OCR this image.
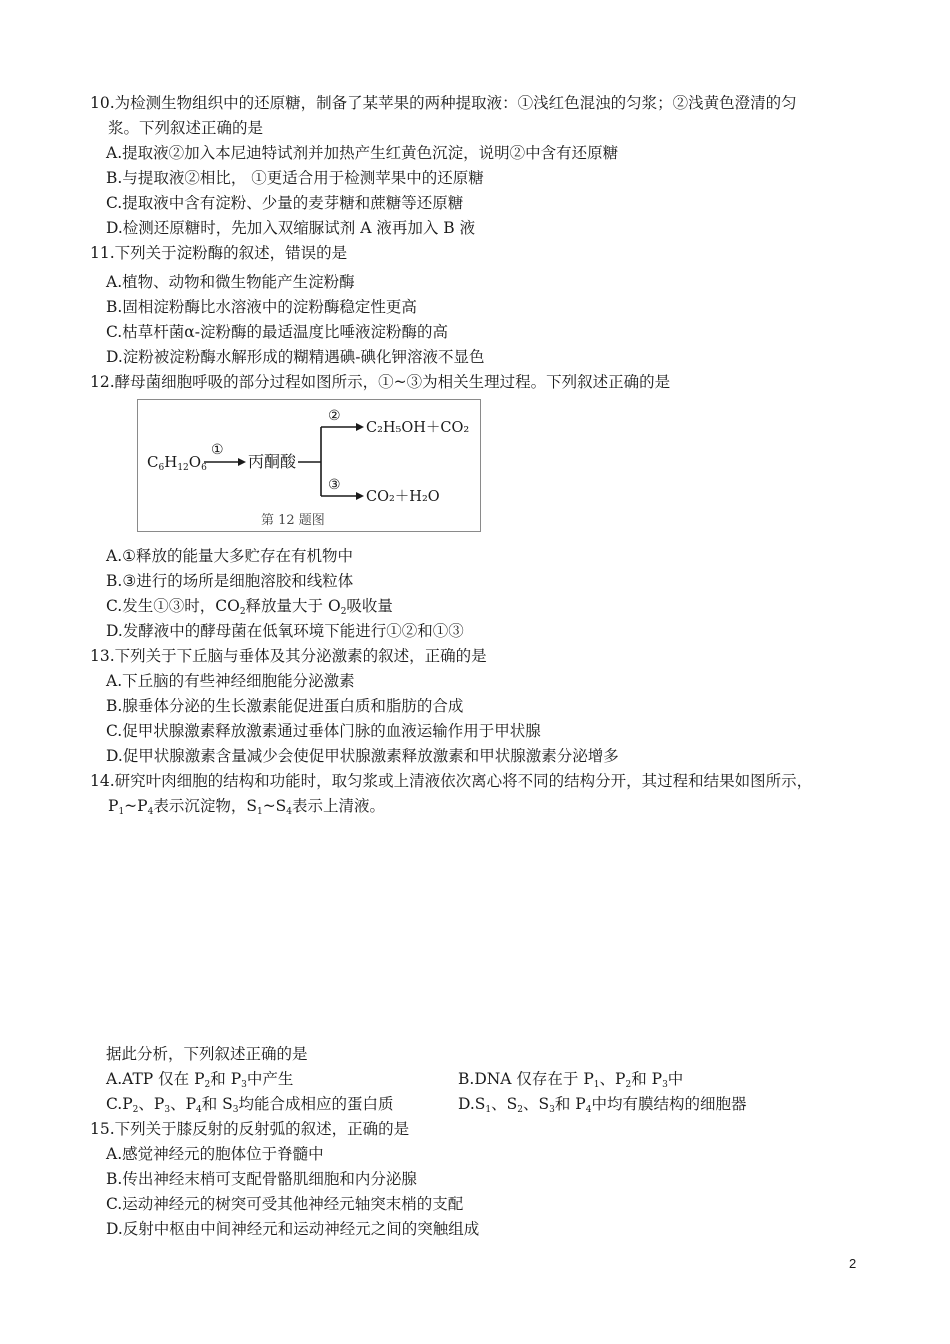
10.为检测生物组织中的还原糖，制备了某苹果的两种提取液：①浅红色混浊的匀浆；②浅黄色澄清的匀
浆。下列叙述正确的是
A.提取液②加入本尼迪特试剂并加热产生红黄色沉淀，说明②中含有还原糖
B.与提取液②相比， ①更适合用于检测苹果中的还原糖
C.提取液中含有淀粉、少量的麦芽糖和蔗糖等还原糖
D.检测还原糖时，先加入双缩脲试剂 A 液再加入 B 液
11.下列关于淀粉酶的叙述，错误的是
A.植物、动物和微生物能产生淀粉酶
B.固相淀粉酶比水溶液中的淀粉酶稳定性更高
C.枯草杆菌α-淀粉酶的最适温度比唾液淀粉酶的高
D.淀粉被淀粉酶水解形成的糊精遇碘-碘化钾溶液不显色
12.酵母菌细胞呼吸的部分过程如图所示，①~③为相关生理过程。下列叙述正确的是
$C_6H_{12}O_6$
①
丙酮酸
②
③
C₂H₅OH＋CO₂
CO₂＋H₂O
第 12 题图
A.①释放的能量大多贮存在有机物中
B.③进行的场所是细胞溶胶和线粒体
C.发生①③时，$CO_2$释放量大于 $O_2$吸收量
D.发酵液中的酵母菌在低氧环境下能进行①②和①③
13.下列关于下丘脑与垂体及其分泌激素的叙述，正确的是
A.下丘脑的有些神经细胞能分泌激素
B.腺垂体分泌的生长激素能促进蛋白质和脂肪的合成
C.促甲状腺激素释放激素通过垂体门脉的血液运输作用于甲状腺
D.促甲状腺激素含量减少会使促甲状腺激素释放激素和甲状腺激素分泌增多
14.研究叶肉细胞的结构和功能时，取匀浆或上清液依次离心将不同的结构分开，其过程和结果如图所示，
$P_1\sim P_4$表示沉淀物，$S_1\sim S_4$表示上清液。
据此分析，下列叙述正确的是
A.ATP 仅在 $P_2$和 $P_3$中产生	B.DNA 仅存在于 $P_1$、$P_2$和 $P_3$中
$C.P_2$、$P_3$、$P_4$和 $S_3$均能合成相应的蛋白质	$D.S_1$、$S_2$、$S_3$和 $P_4$中均有膜结构的细胞器
15.下列关于膝反射的反射弧的叙述，正确的是
A.感觉神经元的胞体位于脊髓中
B.传出神经末梢可支配骨骼肌细胞和内分泌腺
C.运动神经元的树突可受其他神经元轴突末梢的支配
D.反射中枢由中间神经元和运动神经元之间的突触组成
2
